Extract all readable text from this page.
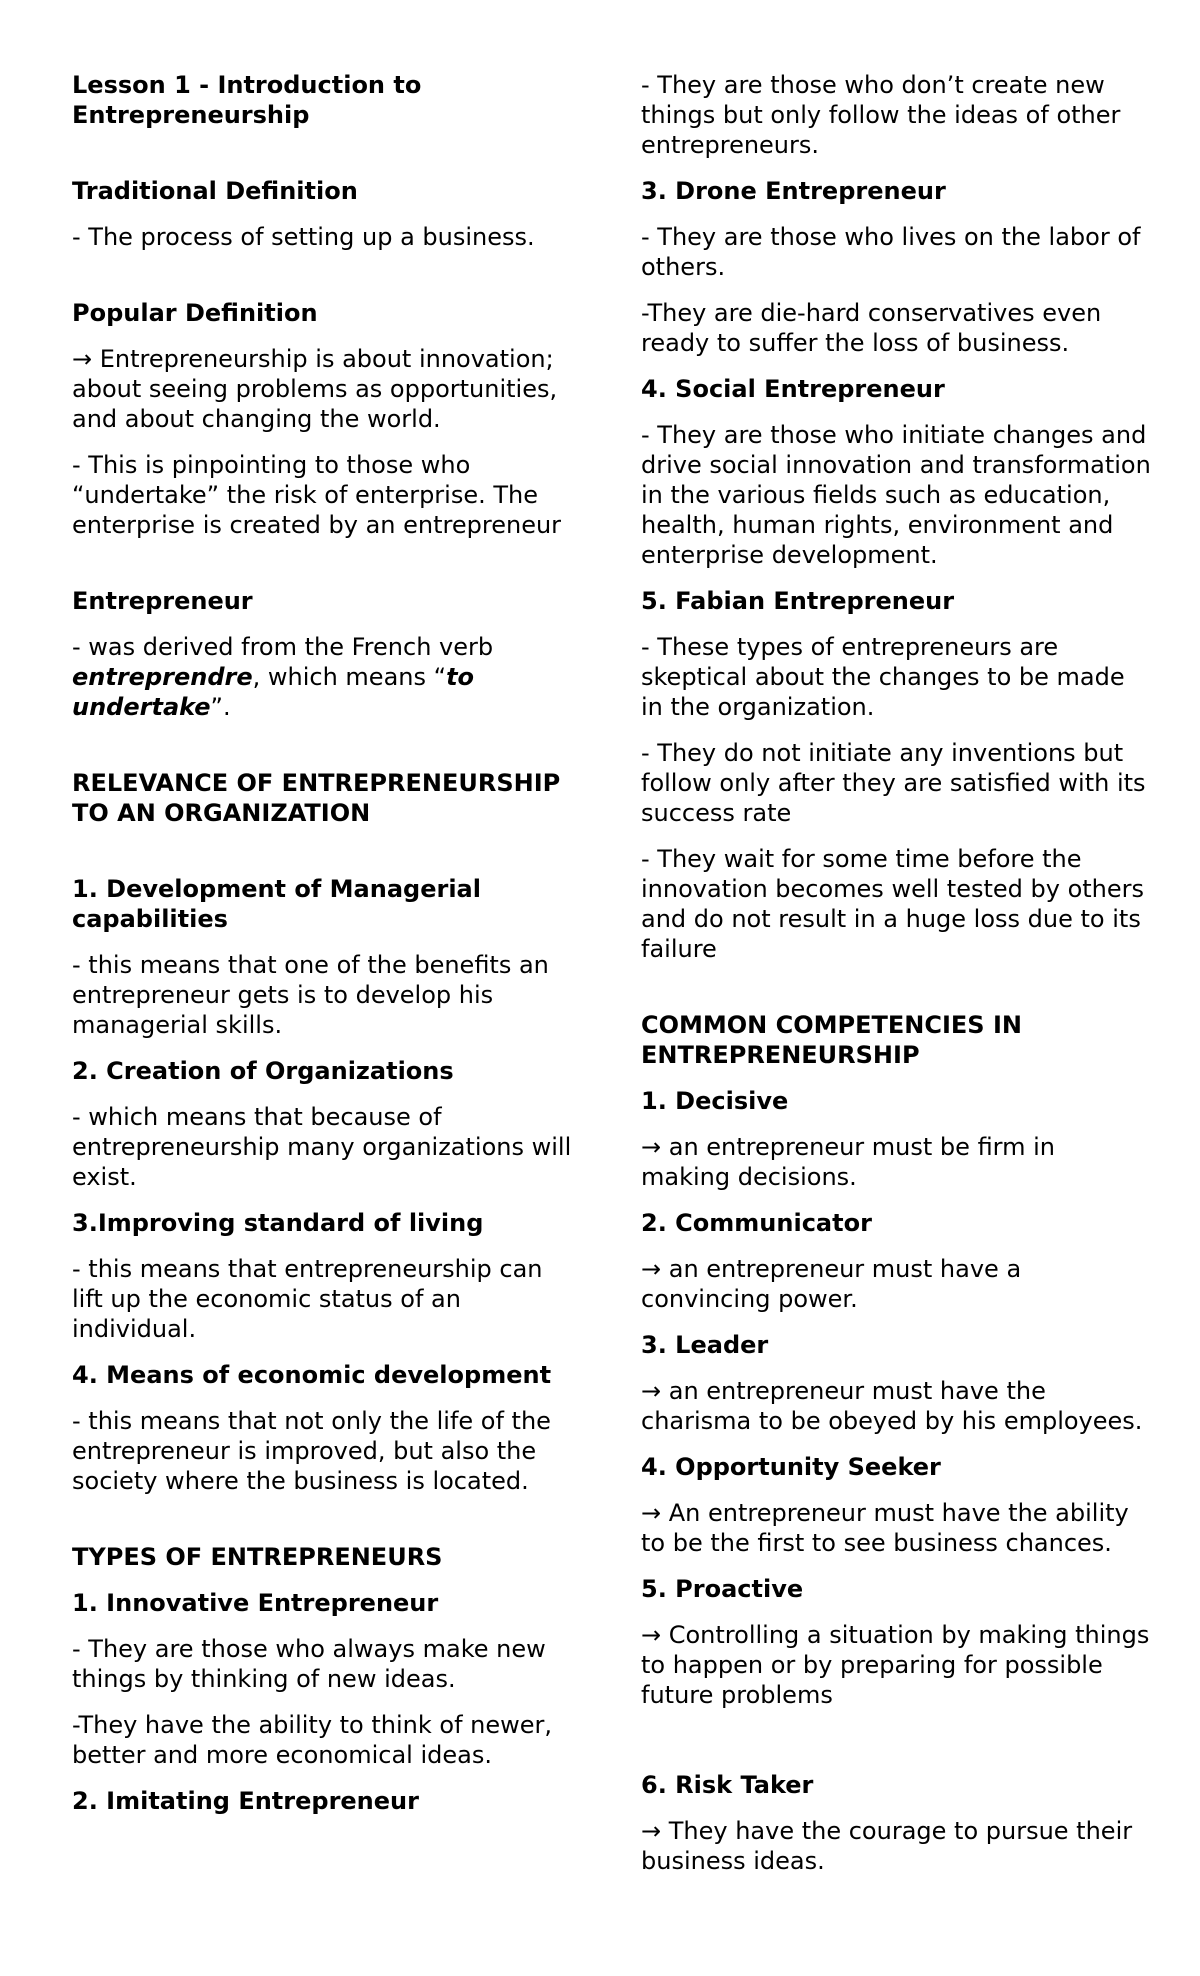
Lesson 1 - Introduction to Entrepreneurship

Traditional Definition

- The process of setting up a business.

Popular Definition

→ Entrepreneurship is about innovation; about seeing problems as opportunities, and about changing the world.

- This is pinpointing to those who “undertake” the risk of enterprise. The enterprise is created by an entrepreneur

Entrepreneur

- was derived from the French verb entreprendre, which means “to undertake”.

RELEVANCE OF ENTREPRENEURSHIP TO AN ORGANIZATION

1. Development of Managerial capabilities

- this means that one of the benefits an entrepreneur gets is to develop his managerial skills.

2. Creation of Organizations

- which means that because of entrepreneurship many organizations will exist.

3.Improving standard of living

- this means that entrepreneurship can lift up the economic status of an individual.

4. Means of economic development

- this means that not only the life of the entrepreneur is improved, but also the society where the business is located.

TYPES OF ENTREPRENEURS

1. Innovative Entrepreneur

- They are those who always make new things by thinking of new ideas.

-They have the ability to think of newer, better and more economical ideas.

2. Imitating Entrepreneur

- They are those who don’t create new things but only follow the ideas of other entrepreneurs.

3. Drone Entrepreneur

- They are those who lives on the labor of others.

-They are die-hard conservatives even ready to suffer the loss of business.

4. Social Entrepreneur

- They are those who initiate changes and drive social innovation and transformation in the various fields such as education, health, human rights, environment and enterprise development.

5. Fabian Entrepreneur

- These types of entrepreneurs are skeptical about the changes to be made in the organization.

- They do not initiate any inventions but follow only after they are satisfied with its success rate

- They wait for some time before the innovation becomes well tested by others and do not result in a huge loss due to its failure

COMMON COMPETENCIES IN ENTREPRENEURSHIP

1. Decisive

→ an entrepreneur must be firm in making decisions.

2. Communicator

→ an entrepreneur must have a convincing power.

3. Leader

→ an entrepreneur must have the charisma to be obeyed by his employees.

4. Opportunity Seeker

→ An entrepreneur must have the ability to be the first to see business chances.

5. Proactive

→ Controlling a situation by making things to happen or by preparing for possible future problems

6. Risk Taker

→ They have the courage to pursue their business ideas.
